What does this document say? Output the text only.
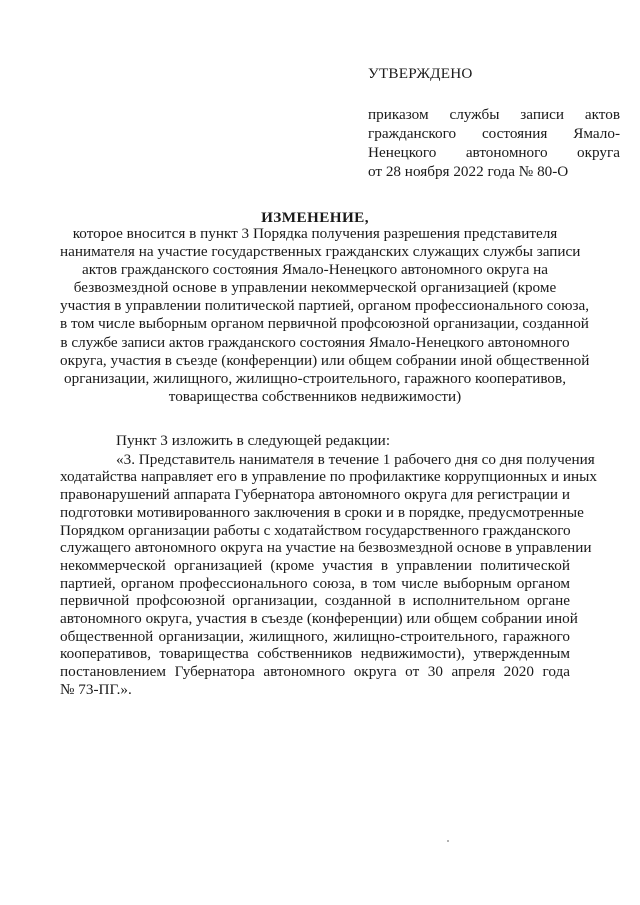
УТВЕРЖДЕНО
приказом службы записи актов
гражданского состояния Ямало-
Ненецкого автономного округа
от 28 ноября 2022 года № 80-О
ИЗМЕНЕНИЕ,
которое вносится в пункт 3 Порядка получения разрешения представителя
нанимателя на участие государственных гражданских служащих службы записи
актов гражданского состояния Ямало-Ненецкого автономного округа на
безвозмездной основе в управлении некоммерческой организацией (кроме
участия в управлении политической партией, органом профессионального союза,
в том числе выборным органом первичной профсоюзной организации, созданной
в службе записи актов гражданского состояния Ямало-Ненецкого автономного
округа, участия в съезде (конференции) или общем собрании иной общественной
организации, жилищного, жилищно-строительного, гаражного кооперативов,
товарищества собственников недвижимости)
Пункт 3 изложить в следующей редакции:
«3. Представитель нанимателя в течение 1 рабочего дня со дня получения
ходатайства направляет его в управление по профилактике коррупционных и иных
правонарушений аппарата Губернатора автономного округа для регистрации и
подготовки мотивированного заключения в сроки и в порядке, предусмотренные
Порядком организации работы с ходатайством государственного гражданского
служащего автономного округа на участие на безвозмездной основе в управлении
некоммерческой организацией (кроме участия в управлении политической
партией, органом профессионального союза, в том числе выборным органом
первичной профсоюзной организации, созданной в исполнительном органе
автономного округа, участия в съезде (конференции) или общем собрании иной
общественной организации, жилищного, жилищно-строительного, гаражного
кооперативов, товарищества собственников недвижимости), утвержденным
постановлением Губернатора автономного округа от 30 апреля 2020 года
№ 73-ПГ.».
